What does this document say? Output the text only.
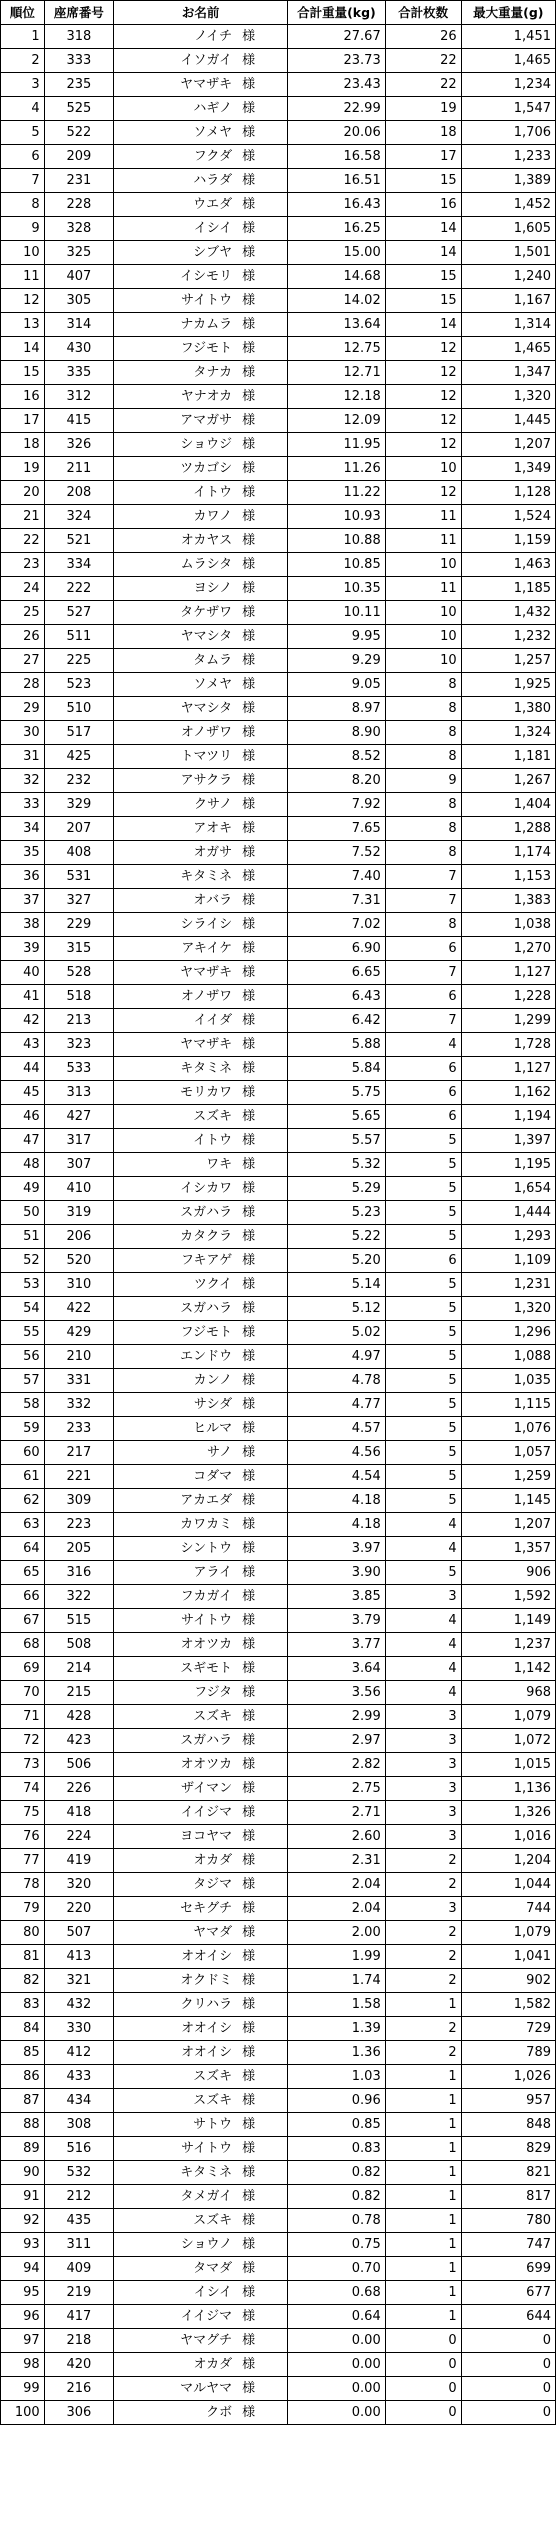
順位	座席番号	お名前	合計重量(kg)	合計枚数	最大重量(g)
1	318	ノイチ 様	27.67	26	1,451
2	333	イソガイ 様	23.73	22	1,465
3	235	ヤマザキ 様	23.43	22	1,234
4	525	ハギノ 様	22.99	19	1,547
5	522	ソメヤ 様	20.06	18	1,706
6	209	フクダ 様	16.58	17	1,233
7	231	ハラダ 様	16.51	15	1,389
8	228	ウエダ 様	16.43	16	1,452
9	328	イシイ 様	16.25	14	1,605
10	325	シブヤ 様	15.00	14	1,501
11	407	イシモリ 様	14.68	15	1,240
12	305	サイトウ 様	14.02	15	1,167
13	314	ナカムラ 様	13.64	14	1,314
14	430	フジモト 様	12.75	12	1,465
15	335	タナカ 様	12.71	12	1,347
16	312	ヤナオカ 様	12.18	12	1,320
17	415	アマガサ 様	12.09	12	1,445
18	326	ショウジ 様	11.95	12	1,207
19	211	ツカゴシ 様	11.26	10	1,349
20	208	イトウ 様	11.22	12	1,128
21	324	カワノ 様	10.93	11	1,524
22	521	オカヤス 様	10.88	11	1,159
23	334	ムラシタ 様	10.85	10	1,463
24	222	ヨシノ 様	10.35	11	1,185
25	527	タケザワ 様	10.11	10	1,432
26	511	ヤマシタ 様	9.95	10	1,232
27	225	タムラ 様	9.29	10	1,257
28	523	ソメヤ 様	9.05	8	1,925
29	510	ヤマシタ 様	8.97	8	1,380
30	517	オノザワ 様	8.90	8	1,324
31	425	トマツリ 様	8.52	8	1,181
32	232	アサクラ 様	8.20	9	1,267
33	329	クサノ 様	7.92	8	1,404
34	207	アオキ 様	7.65	8	1,288
35	408	オガサ 様	7.52	8	1,174
36	531	キタミネ 様	7.40	7	1,153
37	327	オバラ 様	7.31	7	1,383
38	229	シライシ 様	7.02	8	1,038
39	315	アキイケ 様	6.90	6	1,270
40	528	ヤマザキ 様	6.65	7	1,127
41	518	オノザワ 様	6.43	6	1,228
42	213	イイダ 様	6.42	7	1,299
43	323	ヤマザキ 様	5.88	4	1,728
44	533	キタミネ 様	5.84	6	1,127
45	313	モリカワ 様	5.75	6	1,162
46	427	スズキ 様	5.65	6	1,194
47	317	イトウ 様	5.57	5	1,397
48	307	ワキ 様	5.32	5	1,195
49	410	イシカワ 様	5.29	5	1,654
50	319	スガハラ 様	5.23	5	1,444
51	206	カタクラ 様	5.22	5	1,293
52	520	フキアゲ 様	5.20	6	1,109
53	310	ツクイ 様	5.14	5	1,231
54	422	スガハラ 様	5.12	5	1,320
55	429	フジモト 様	5.02	5	1,296
56	210	エンドウ 様	4.97	5	1,088
57	331	カンノ 様	4.78	5	1,035
58	332	サシダ 様	4.77	5	1,115
59	233	ヒルマ 様	4.57	5	1,076
60	217	サノ 様	4.56	5	1,057
61	221	コダマ 様	4.54	5	1,259
62	309	アカエダ 様	4.18	5	1,145
63	223	カワカミ 様	4.18	4	1,207
64	205	シントウ 様	3.97	4	1,357
65	316	アライ 様	3.90	5	906
66	322	フカガイ 様	3.85	3	1,592
67	515	サイトウ 様	3.79	4	1,149
68	508	オオツカ 様	3.77	4	1,237
69	214	スギモト 様	3.64	4	1,142
70	215	フジタ 様	3.56	4	968
71	428	スズキ 様	2.99	3	1,079
72	423	スガハラ 様	2.97	3	1,072
73	506	オオツカ 様	2.82	3	1,015
74	226	ザイマン 様	2.75	3	1,136
75	418	イイジマ 様	2.71	3	1,326
76	224	ヨコヤマ 様	2.60	3	1,016
77	419	オカダ 様	2.31	2	1,204
78	320	タジマ 様	2.04	2	1,044
79	220	セキグチ 様	2.04	3	744
80	507	ヤマダ 様	2.00	2	1,079
81	413	オオイシ 様	1.99	2	1,041
82	321	オクドミ 様	1.74	2	902
83	432	クリハラ 様	1.58	1	1,582
84	330	オオイシ 様	1.39	2	729
85	412	オオイシ 様	1.36	2	789
86	433	スズキ 様	1.03	1	1,026
87	434	スズキ 様	0.96	1	957
88	308	サトウ 様	0.85	1	848
89	516	サイトウ 様	0.83	1	829
90	532	キタミネ 様	0.82	1	821
91	212	タメガイ 様	0.82	1	817
92	435	スズキ 様	0.78	1	780
93	311	ショウノ 様	0.75	1	747
94	409	タマダ 様	0.70	1	699
95	219	イシイ 様	0.68	1	677
96	417	イイジマ 様	0.64	1	644
97	218	ヤマグチ 様	0.00	0	0
98	420	オカダ 様	0.00	0	0
99	216	マルヤマ 様	0.00	0	0
100	306	クボ 様	0.00	0	0
